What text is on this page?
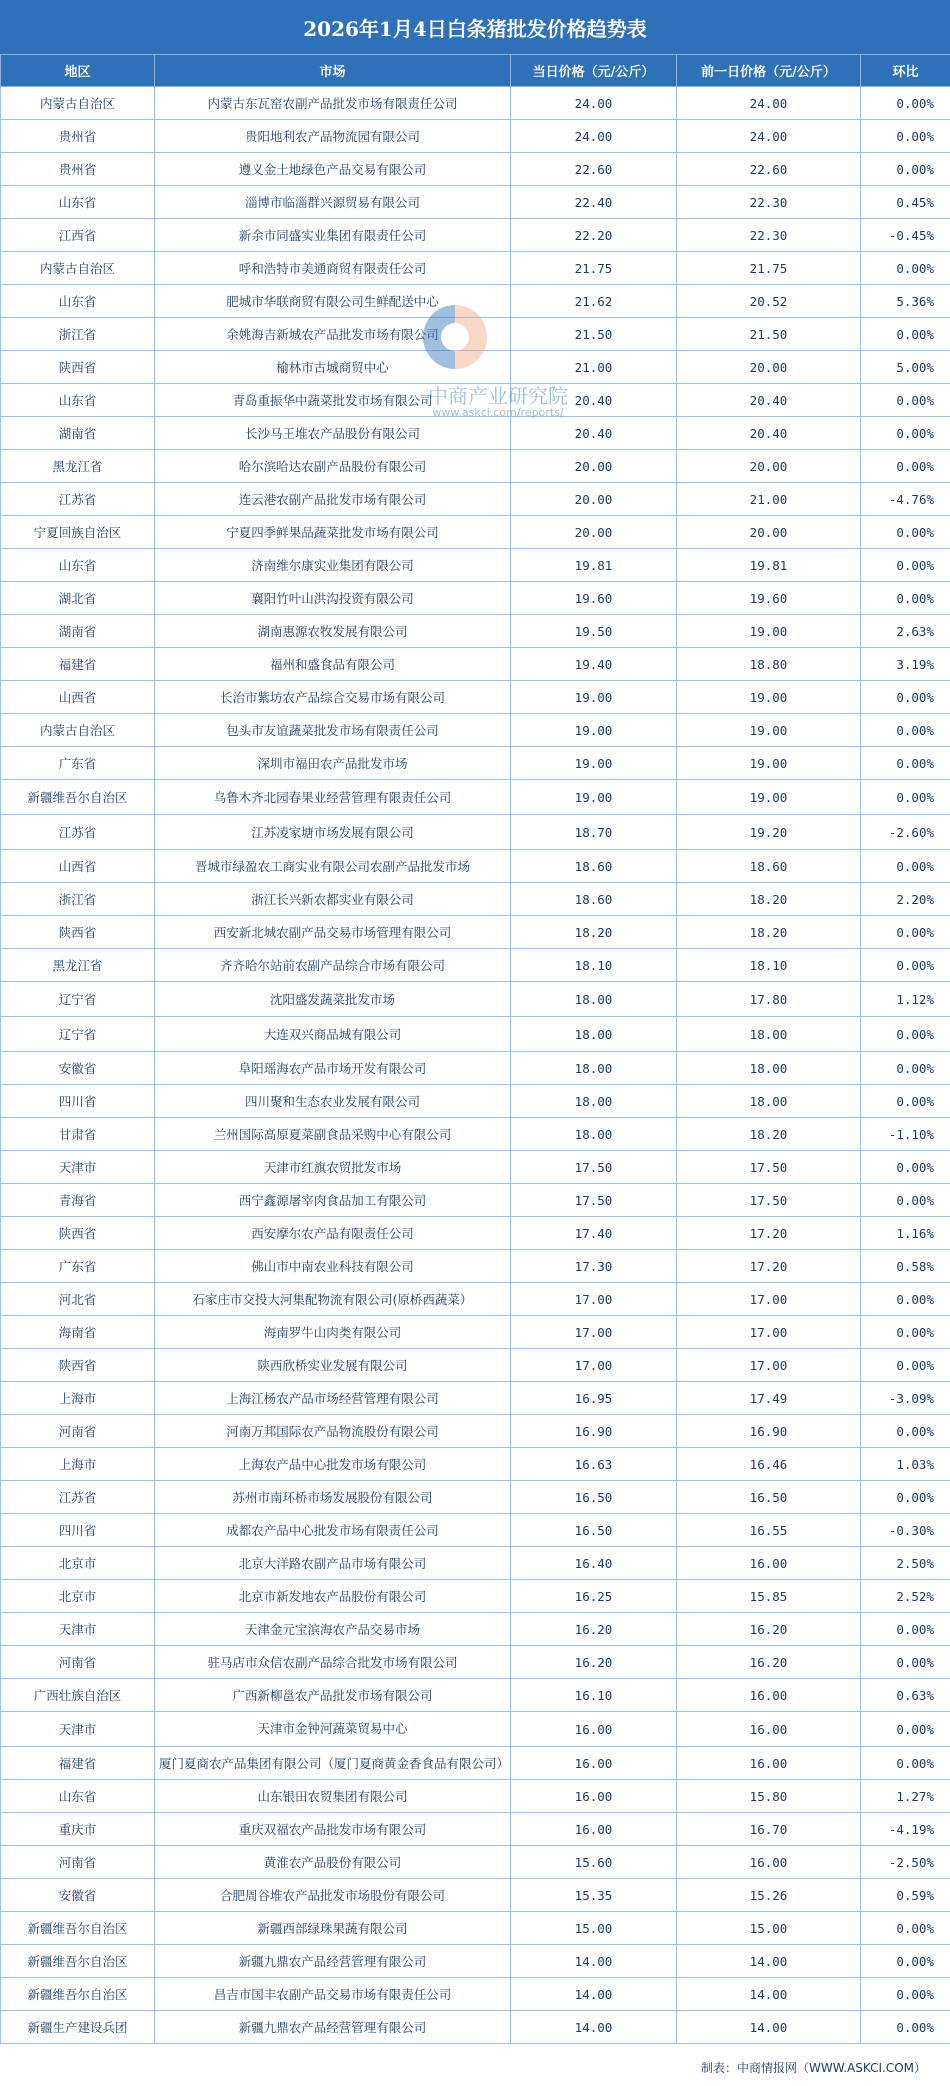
2026年1月4日白条猪批发价格趋势表
地区	市场	当日价格（元/公斤）	前一日价格（元/公斤）	环比
内蒙古自治区	内蒙古东瓦窑农副产品批发市场有限责任公司	24.00	24.00	0.00%
贵州省	贵阳地利农产品物流园有限公司	24.00	24.00	0.00%
贵州省	遵义金土地绿色产品交易有限公司	22.60	22.60	0.00%
山东省	淄博市临淄群兴源贸易有限公司	22.40	22.30	0.45%
江西省	新余市同盛实业集团有限责任公司	22.20	22.30	-0.45%
内蒙古自治区	呼和浩特市美通商贸有限责任公司	21.75	21.75	0.00%
山东省	肥城市华联商贸有限公司生鲜配送中心	21.62	20.52	5.36%
浙江省	余姚海吉新城农产品批发市场有限公司	21.50	21.50	0.00%
陕西省	榆林市古城商贸中心	21.00	20.00	5.00%
山东省	青岛重振华中蔬菜批发市场有限公司	20.40	20.40	0.00%
湖南省	长沙马王堆农产品股份有限公司	20.40	20.40	0.00%
黑龙江省	哈尔滨哈达农副产品股份有限公司	20.00	20.00	0.00%
江苏省	连云港农副产品批发市场有限公司	20.00	21.00	-4.76%
宁夏回族自治区	宁夏四季鲜果品蔬菜批发市场有限公司	20.00	20.00	0.00%
山东省	济南维尔康实业集团有限公司	19.81	19.81	0.00%
湖北省	襄阳竹叶山洪沟投资有限公司	19.60	19.60	0.00%
湖南省	湖南惠源农牧发展有限公司	19.50	19.00	2.63%
福建省	福州和盛食品有限公司	19.40	18.80	3.19%
山西省	长治市紫坊农产品综合交易市场有限公司	19.00	19.00	0.00%
内蒙古自治区	包头市友谊蔬菜批发市场有限责任公司	19.00	19.00	0.00%
广东省	深圳市福田农产品批发市场	19.00	19.00	0.00%
新疆维吾尔自治区	乌鲁木齐北园春果业经营管理有限责任公司	19.00	19.00	0.00%
江苏省	江苏凌家塘市场发展有限公司	18.70	19.20	-2.60%
山西省	晋城市绿盈农工商实业有限公司农副产品批发市场	18.60	18.60	0.00%
浙江省	浙江长兴新农都实业有限公司	18.60	18.20	2.20%
陕西省	西安新北城农副产品交易市场管理有限公司	18.20	18.20	0.00%
黑龙江省	齐齐哈尔站前农副产品综合市场有限公司	18.10	18.10	0.00%
辽宁省	沈阳盛发蔬菜批发市场	18.00	17.80	1.12%
辽宁省	大连双兴商品城有限公司	18.00	18.00	0.00%
安徽省	阜阳瑶海农产品市场开发有限公司	18.00	18.00	0.00%
四川省	四川聚和生态农业发展有限公司	18.00	18.00	0.00%
甘肃省	兰州国际高原夏菜副食品采购中心有限公司	18.00	18.20	-1.10%
天津市	天津市红旗农贸批发市场	17.50	17.50	0.00%
青海省	西宁鑫源屠宰肉食品加工有限公司	17.50	17.50	0.00%
陕西省	西安摩尔农产品有限责任公司	17.40	17.20	1.16%
广东省	佛山市中南农业科技有限公司	17.30	17.20	0.58%
河北省	石家庄市交投大河集配物流有限公司(原桥西蔬菜）	17.00	17.00	0.00%
海南省	海南罗牛山肉类有限公司	17.00	17.00	0.00%
陕西省	陕西欣桥实业发展有限公司	17.00	17.00	0.00%
上海市	上海江杨农产品市场经营管理有限公司	16.95	17.49	-3.09%
河南省	河南万邦国际农产品物流股份有限公司	16.90	16.90	0.00%
上海市	上海农产品中心批发市场有限公司	16.63	16.46	1.03%
江苏省	苏州市南环桥市场发展股份有限公司	16.50	16.50	0.00%
四川省	成都农产品中心批发市场有限责任公司	16.50	16.55	-0.30%
北京市	北京大洋路农副产品市场有限公司	16.40	16.00	2.50%
北京市	北京市新发地农产品股份有限公司	16.25	15.85	2.52%
天津市	天津金元宝滨海农产品交易市场	16.20	16.20	0.00%
河南省	驻马店市众信农副产品综合批发市场有限公司	16.20	16.20	0.00%
广西壮族自治区	广西新柳邕农产品批发市场有限公司	16.10	16.00	0.63%
天津市	天津市金钟河蔬菜贸易中心	16.00	16.00	0.00%
福建省	厦门夏商农产品集团有限公司（厦门夏商黄金香食品有限公司）	16.00	16.00	0.00%
山东省	山东银田农贸集团有限公司	16.00	15.80	1.27%
重庆市	重庆双福农产品批发市场有限公司	16.00	16.70	-4.19%
河南省	黄淮农产品股份有限公司	15.60	16.00	-2.50%
安徽省	合肥周谷堆农产品批发市场股份有限公司	15.35	15.26	0.59%
新疆维吾尔自治区	新疆西部绿珠果蔬有限公司	15.00	15.00	0.00%
新疆维吾尔自治区	新疆九鼎农产品经营管理有限公司	14.00	14.00	0.00%
新疆维吾尔自治区	昌吉市国丰农副产品交易市场有限责任公司	14.00	14.00	0.00%
新疆生产建设兵团	新疆九鼎农产品经营管理有限公司	14.00	14.00	0.00%
中商产业研究院
www.askci.com/reports/
制表：中商情报网（WWW.ASKCI.COM）
